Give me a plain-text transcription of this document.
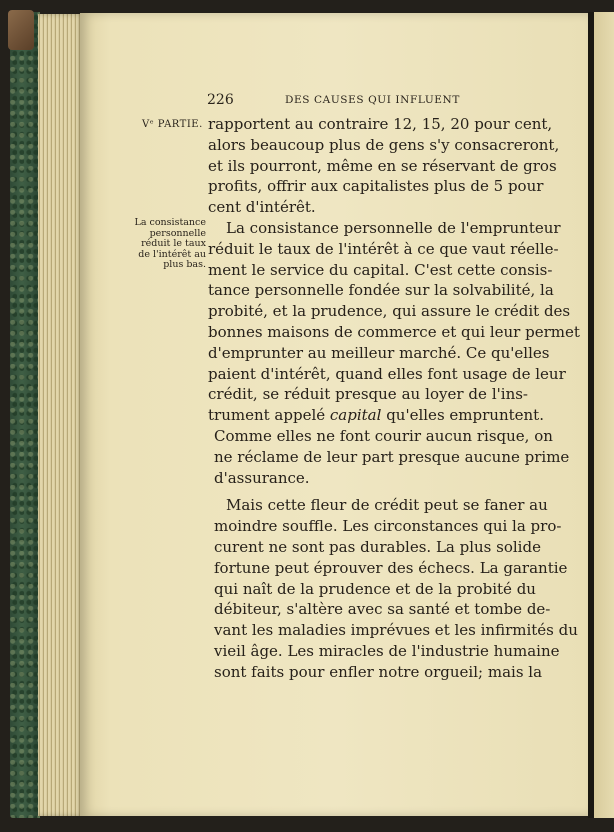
226	DES CAUSES QUI INFLUENT
Vᵉ PARTIE.
La consistance
personnelle
réduit le taux
de l'intérêt au
plus bas.
rapportent au contraire 12, 15, 20 pour cent,
alors beaucoup plus de gens s'y consacreront,
et ils pourront, même en se réservant de gros
profits, offrir aux capitalistes plus de 5 pour
cent d'intérêt.
La consistance personnelle de l'emprunteur
réduit le taux de l'intérêt à ce que vaut réelle-
ment le service du capital. C'est cette consis-
tance personnelle fondée sur la solvabilité, la
probité, et la prudence, qui assure le crédit des
bonnes maisons de commerce et qui leur permet
d'emprunter au meilleur marché. Ce qu'elles
paient d'intérêt, quand elles font usage de leur
crédit, se réduit presque au loyer de l'ins-
trument appelé capital qu'elles empruntent.
Comme elles ne font courir aucun risque, on
ne réclame de leur part presque aucune prime
d'assurance.
Mais cette fleur de crédit peut se faner au
moindre souffle. Les circonstances qui la pro-
curent ne sont pas durables. La plus solide
fortune peut éprouver des échecs. La garantie
qui naît de la prudence et de la probité du
débiteur, s'altère avec sa santé et tombe de-
vant les maladies imprévues et les infirmités du
vieil âge. Les miracles de l'industrie humaine
sont faits pour enfler notre orgueil; mais la
